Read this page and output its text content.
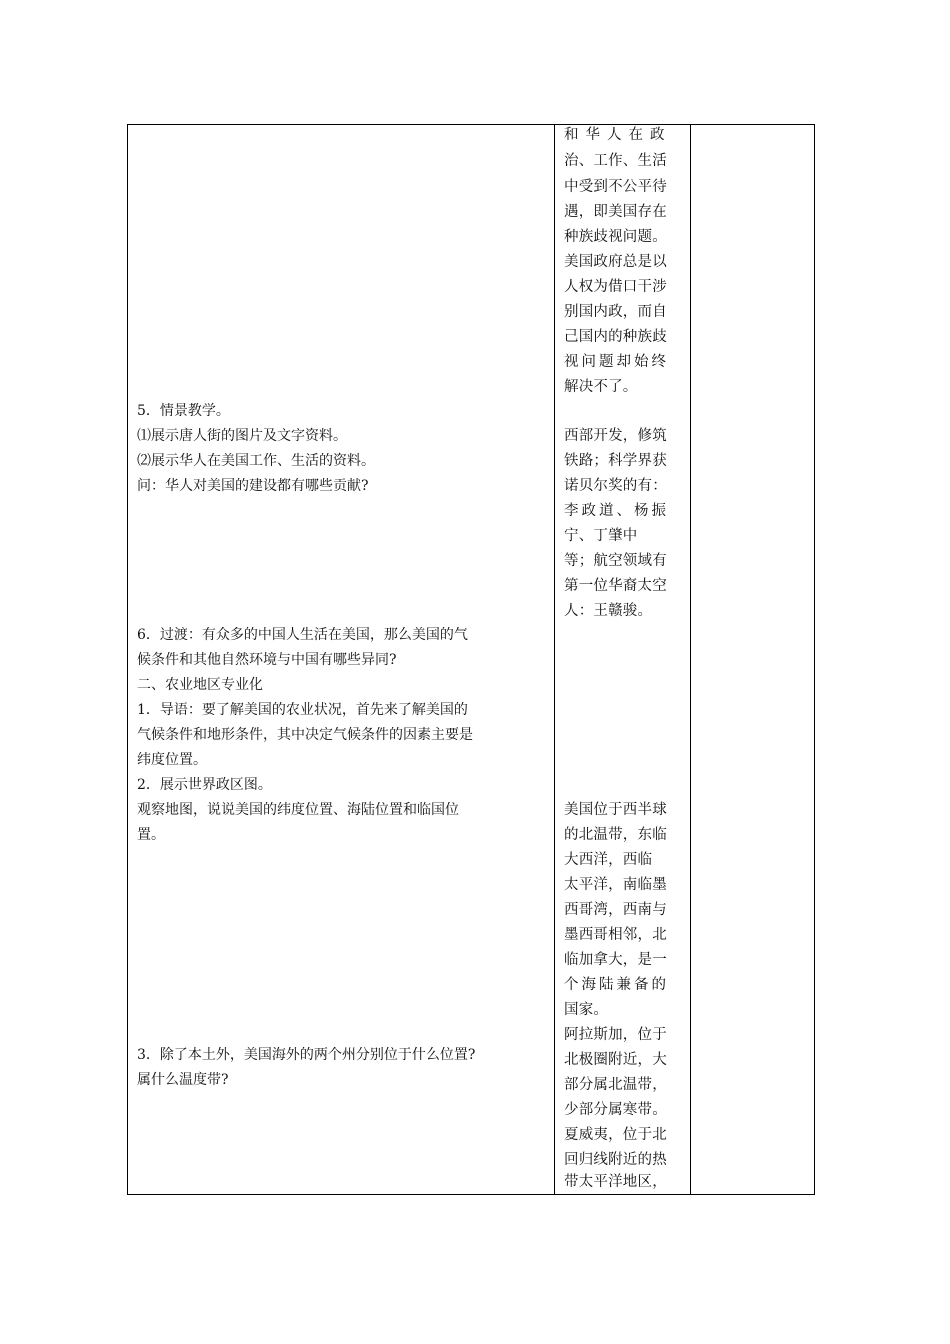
5．情景教学。
⑴展示唐人街的图片及文字资料。
⑵展示华人在美国工作、生活的资料。
问：华人对美国的建设都有哪些贡献?
6．过渡：有众多的中国人生活在美国，那么美国的气
候条件和其他自然环境与中国有哪些异同?
二、农业地区专业化
1．导语：要了解美国的农业状况，首先来了解美国的
气候条件和地形条件，其中决定气候条件的因素主要是
纬度位置。
2．展示世界政区图。
观察地图，说说美国的纬度位置、海陆位置和临国位
置。
3．除了本土外，美国海外的两个州分别位于什么位置?
属什么温度带?
和华人在政
治、工作、生活
中受到不公平待
遇，即美国存在
种族歧视问题。
美国政府总是以
人权为借口干涉
别国内政，而自
己国内的种族歧
视问题却始终
解决不了。
西部开发，修筑
铁路；科学界获
诺贝尔奖的有：
李政道、杨振
宁、丁肇中
等；航空领域有
第一位华裔太空
人：王赣骏。
美国位于西半球
的北温带，东临
大西洋，西临
太平洋，南临墨
西哥湾，西南与
墨西哥相邻，北
临加拿大，是一
个海陆兼备的
国家。
阿拉斯加，位于
北极圈附近，大
部分属北温带，
少部分属寒带。
夏威夷，位于北
回归线附近的热
带太平洋地区，
